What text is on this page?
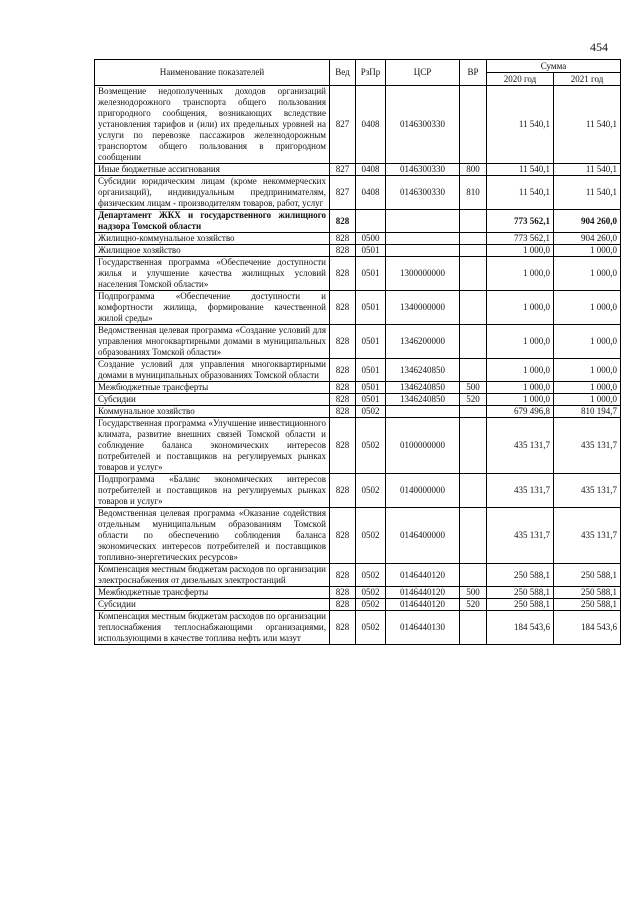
454
Наименование показателей	Вед	РзПр	ЦСР	ВР	Сумма	
					2020 год	2021 год
Возмещение недополученных доходов организаций железнодорожного транспорта общего пользования пригородного сообщения, возникающих вследствие установления тарифов и (или) их предельных уровней на услуги по перевозке пассажиров железнодорожным транспортом общего пользования в пригородном сообщении	827	0408	0146300330		11 540,1	11 540,1
Иные бюджетные ассигнования	827	0408	0146300330	800	11 540,1	11 540,1
Субсидии юридическим лицам (кроме некоммерческих организаций), индивидуальным предпринимателям, физическим лицам - производителям товаров, работ, услуг	827	0408	0146300330	810	11 540,1	11 540,1
Департамент ЖКХ и государственного жилищного надзора Томской области	828				773 562,1	904 260,0
Жилищно-коммунальное хозяйство	828	0500			773 562,1	904 260,0
Жилищное хозяйство	828	0501			1 000,0	1 000,0
Государственная программа «Обеспечение доступности жилья и улучшение качества жилищных условий населения Томской области»	828	0501	1300000000		1 000,0	1 000,0
Подпрограмма «Обеспечение доступности и комфортности жилища, формирование качественной жилой среды»	828	0501	1340000000		1 000,0	1 000,0
Ведомственная целевая программа «Создание условий для управления многоквартирными домами в муниципальных образованиях Томской области»	828	0501	1346200000		1 000,0	1 000,0
Создание условий для управления многоквартирными домами в муниципальных образованиях Томской области	828	0501	1346240850		1 000,0	1 000,0
Межбюджетные трансферты	828	0501	1346240850	500	1 000,0	1 000,0
Субсидии	828	0501	1346240850	520	1 000,0	1 000,0
Коммунальное хозяйство	828	0502			679 496,8	810 194,7
Государственная программа «Улучшение инвестиционного климата, развитие внешних связей Томской области и соблюдение баланса экономических интересов потребителей и поставщиков на регулируемых рынках товаров и услуг»	828	0502	0100000000		435 131,7	435 131,7
Подпрограмма «Баланс экономических интересов потребителей и поставщиков на регулируемых рынках товаров и услуг»	828	0502	0140000000		435 131,7	435 131,7
Ведомственная целевая программа «Оказание содействия отдельным муниципальным образованиям Томской области по обеспечению соблюдения баланса экономических интересов потребителей и поставщиков топливно-энергетических ресурсов»	828	0502	0146400000		435 131,7	435 131,7
Компенсация местным бюджетам расходов по организации электроснабжения от дизельных электростанций	828	0502	0146440120		250 588,1	250 588,1
Межбюджетные трансферты	828	0502	0146440120	500	250 588,1	250 588,1
Субсидии	828	0502	0146440120	520	250 588,1	250 588,1
Компенсация местным бюджетам расходов по организации теплоснабжения теплоснабжающими организациями, использующими в качестве топлива нефть или мазут	828	0502	0146440130		184 543,6	184 543,6
